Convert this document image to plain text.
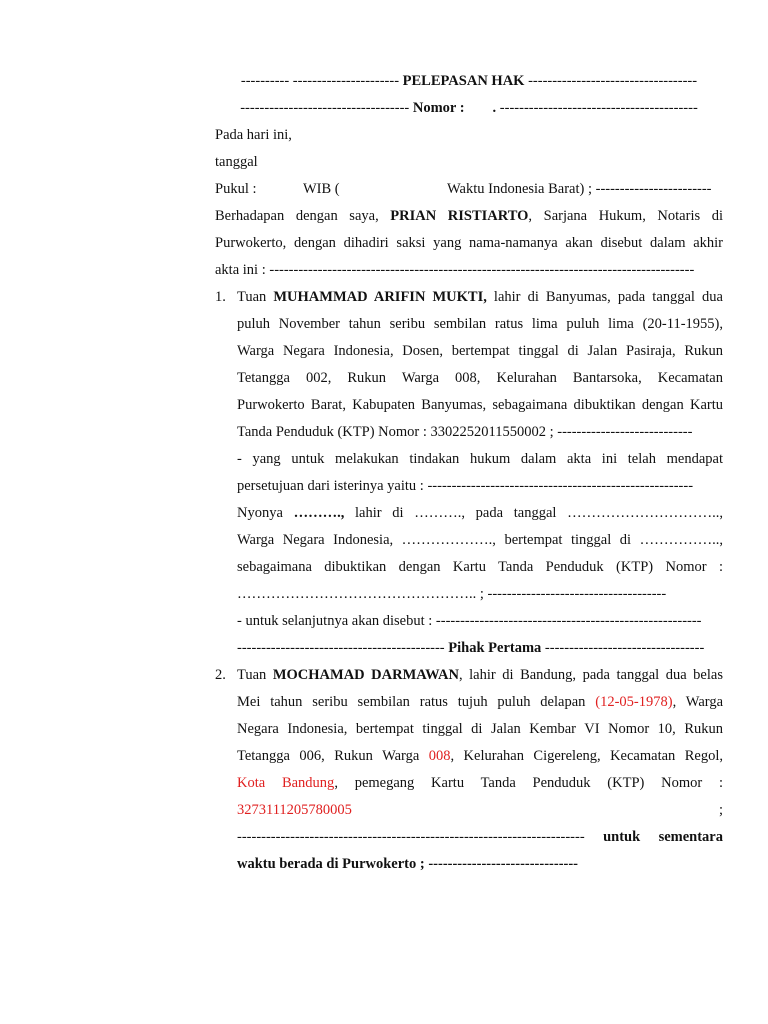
---------- ---------------------- PELEPASAN HAK -----------------------------------
----------------------------------- Nomor : . -----------------------------------------
Pada hari ini,
tanggal
Pukul :	WIB (	Waktu Indonesia Barat) ; ------------------------
Berhadapan dengan saya, PRIAN RISTIARTO, Sarjana Hukum, Notaris di
Purwokerto, dengan dihadiri saksi yang nama-namanya akan disebut dalam akhir
akta ini : ----------------------------------------------------------------------------------------
1. Tuan MUHAMMAD ARIFIN MUKTI, lahir di Banyumas, pada tanggal dua
puluh November tahun seribu sembilan ratus lima puluh lima (20-11-1955),
Warga Negara Indonesia, Dosen, bertempat tinggal di Jalan Pasiraja, Rukun
Tetangga 002, Rukun Warga 008, Kelurahan Bantarsoka, Kecamatan
Purwokerto Barat, Kabupaten Banyumas, sebagaimana dibuktikan dengan Kartu
Tanda Penduduk (KTP) Nomor : 3302252011550002 ; ----------------------------
- yang untuk melakukan tindakan hukum dalam akta ini telah mendapat
persetujuan dari isterinya yaitu : -------------------------------------------------------
Nyonya ………., lahir di ………., pada tanggal …………………………..,
Warga Negara Indonesia, ………………., bertempat tinggal di ……………..,
sebagaimana dibuktikan dengan Kartu Tanda Penduduk (KTP) Nomor :
………………………………………….. ; -------------------------------------
- untuk selanjutnya akan disebut : -------------------------------------------------------
------------------------------------------- Pihak Pertama ---------------------------------
2. Tuan MOCHAMAD DARMAWAN, lahir di Bandung, pada tanggal dua belas
Mei tahun seribu sembilan ratus tujuh puluh delapan (12-05-1978), Warga
Negara Indonesia, bertempat tinggal di Jalan Kembar VI Nomor 10, Rukun
Tetangga 006, Rukun Warga 008, Kelurahan Cigereleng, Kecamatan Regol,
Kota Bandung, pemegang Kartu Tanda Penduduk (KTP) Nomor :
3273111205780005	;
------------------------------------------------------------------------ untuk sementara
waktu berada di Purwokerto ; -------------------------------
